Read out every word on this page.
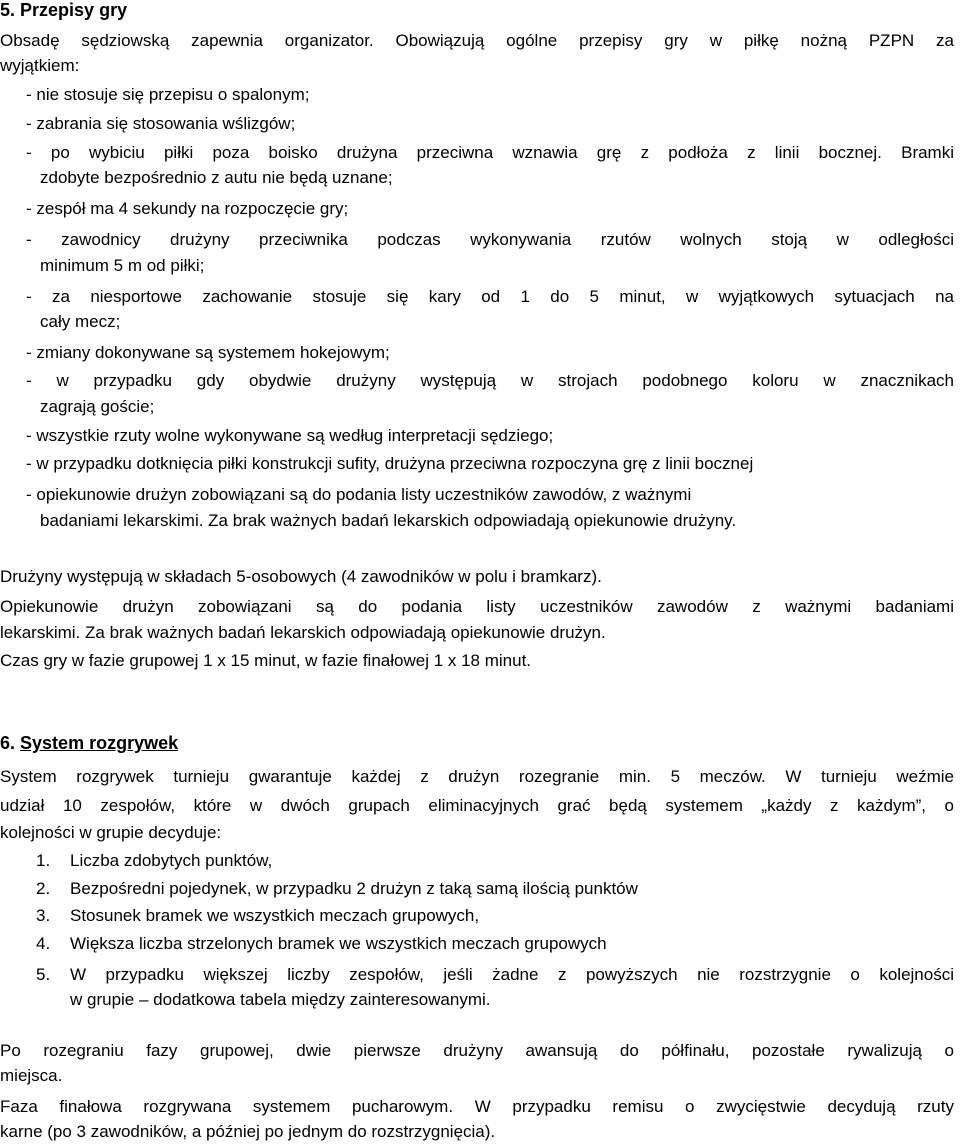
5. Przepisy gry
Obsadę sędziowską zapewnia organizator. Obowiązują ogólne przepisy gry w piłkę nożną PZPN za
wyjątkiem:
- nie stosuje się przepisu o spalonym;
- zabrania się stosowania wślizgów;
- po wybiciu piłki poza boisko drużyna przeciwna wznawia grę z podłoża z linii bocznej. Bramki
zdobyte bezpośrednio z autu nie będą uznane;
- zespół ma 4 sekundy na rozpoczęcie gry;
- zawodnicy drużyny przeciwnika podczas wykonywania rzutów wolnych stoją w odległości
minimum 5 m od piłki;
- za niesportowe zachowanie stosuje się kary od 1 do 5 minut, w wyjątkowych sytuacjach na
cały mecz;
- zmiany dokonywane są systemem hokejowym;
- w przypadku gdy obydwie drużyny występują w strojach podobnego koloru w znacznikach
zagrają goście;
- wszystkie rzuty wolne wykonywane są według interpretacji sędziego;
- w przypadku dotknięcia piłki konstrukcji sufity, drużyna przeciwna rozpoczyna grę z linii bocznej
- opiekunowie drużyn zobowiązani są do podania listy uczestników zawodów, z ważnymi
badaniami lekarskimi. Za brak ważnych badań lekarskich odpowiadają opiekunowie drużyny.
Drużyny występują w składach 5-osobowych (4 zawodników w polu i bramkarz).
Opiekunowie drużyn zobowiązani są do podania listy uczestników zawodów z ważnymi badaniami
lekarskimi. Za brak ważnych badań lekarskich odpowiadają opiekunowie drużyn.
Czas gry w fazie grupowej 1 x 15 minut, w fazie finałowej 1 x 18 minut.
6. System rozgrywek
System rozgrywek turnieju gwarantuje każdej z drużyn rozegranie min. 5 meczów. W turnieju weźmie
udział 10 zespołów, które w dwóch grupach eliminacyjnych grać będą systemem „każdy z każdym”, o
kolejności w grupie decyduje:
1.	Liczba zdobytych punktów,
2.	Bezpośredni pojedynek, w przypadku 2 drużyn z taką samą ilością punktów
3.	Stosunek bramek we wszystkich meczach grupowych,
4.	Większa liczba strzelonych bramek we wszystkich meczach grupowych
5.	W przypadku większej liczby zespołów, jeśli żadne z powyższych nie rozstrzygnie o kolejności
w grupie – dodatkowa tabela między zainteresowanymi.
Po rozegraniu fazy grupowej, dwie pierwsze drużyny awansują do półfinału, pozostałe rywalizują o
miejsca.
Faza finałowa rozgrywana systemem pucharowym. W przypadku remisu o zwycięstwie decydują rzuty
karne (po 3 zawodników, a później po jednym do rozstrzygnięcia).
